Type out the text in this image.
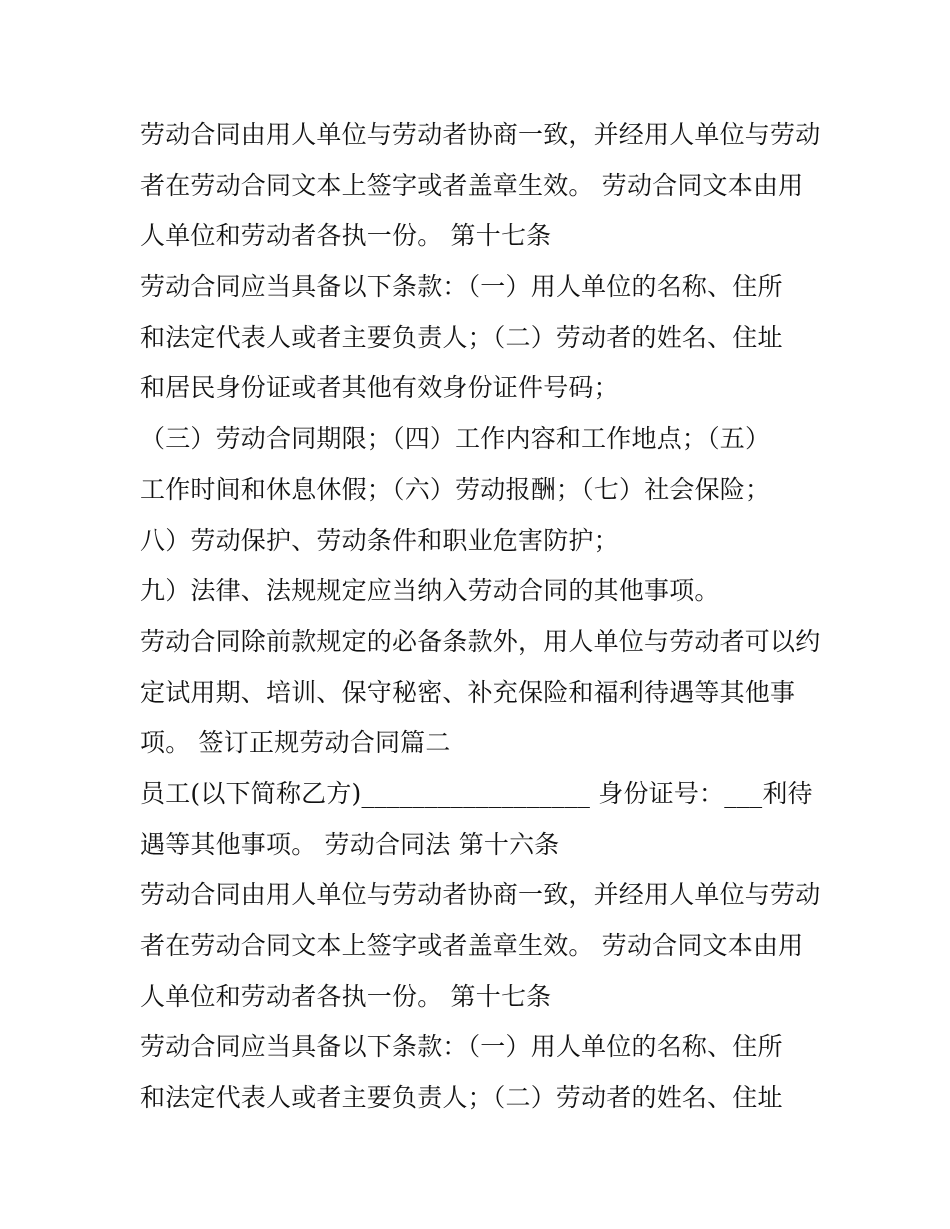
劳动合同由用人单位与劳动者协商一致，并经用人单位与劳动
者在劳动合同文本上签字或者盖章生效。 劳动合同文本由用
人单位和劳动者各执一份。 第十七条
劳动合同应当具备以下条款：（一）用人单位的名称、住所
和法定代表人或者主要负责人；（二）劳动者的姓名、住址
和居民身份证或者其他有效身份证件号码；
（三）劳动合同期限；（四）工作内容和工作地点；（五）
工作时间和休息休假；（六）劳动报酬；（七）社会保险；
八）劳动保护、劳动条件和职业危害防护；
九）法律、法规规定应当纳入劳动合同的其他事项。
劳动合同除前款规定的必备条款外，用人单位与劳动者可以约
定试用期、培训、保守秘密、补充保险和福利待遇等其他事
项。 签订正规劳动合同篇二
员工(以下简称乙方)__________________ 身份证号：___利待
遇等其他事项。 劳动合同法 第十六条
劳动合同由用人单位与劳动者协商一致，并经用人单位与劳动
者在劳动合同文本上签字或者盖章生效。 劳动合同文本由用
人单位和劳动者各执一份。 第十七条
劳动合同应当具备以下条款：（一）用人单位的名称、住所
和法定代表人或者主要负责人；（二）劳动者的姓名、住址
